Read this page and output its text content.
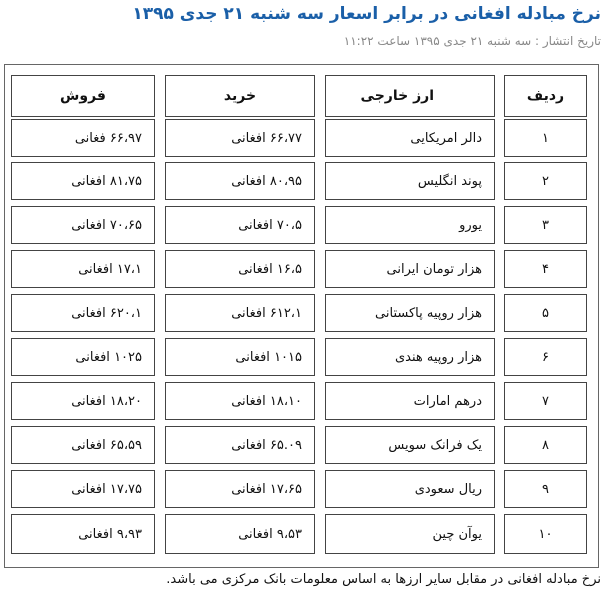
نرخ مبادله افغانی در برابر اسعار سه شنبه ۲۱ جدی ۱۳۹۵
تاریخ انتشار : سه شنبه ۲۱ جدی ۱۳۹۵ ساعت ۱۱:۲۲
ردیف
ارز خارجی
خرید
فروش
۱
دالر امریکایی
۶۶،۷۷ افغانی
۶۶،۹۷ فغانی
۲
پوند انگلیس
۸۰،۹۵ افغانی
۸۱،۷۵ افغانی
۳
یورو
۷۰،۵ افغانی
۷۰،۶۵ افغانی
۴
هزار تومان ایرانی
۱۶،۵ افغانی
۱۷،۱ افغانی
۵
هزار روپیه پاکستانی
۶۱۲،۱ افغانی
۶۲۰،۱ افغانی
۶
هزار روپیه هندی
۱۰۱۵ افغانی
۱۰۲۵ افغانی
۷
درهم امارات
۱۸،۱۰ افغانی
۱۸،۲۰ افغانی
۸
یک فرانک سویس
۶۵.۰۹ افغانی
۶۵،۵۹ افغانی
۹
ریال سعودی
۱۷،۶۵ افغانی
۱۷،۷۵ افغانی
۱۰
یوآن چین
۹،۵۳ افغانی
۹،۹۳ افغانی
نرخ مبادله افغانی در مقابل سایر ارزها به اساس معلومات بانک مرکزی می باشد.
